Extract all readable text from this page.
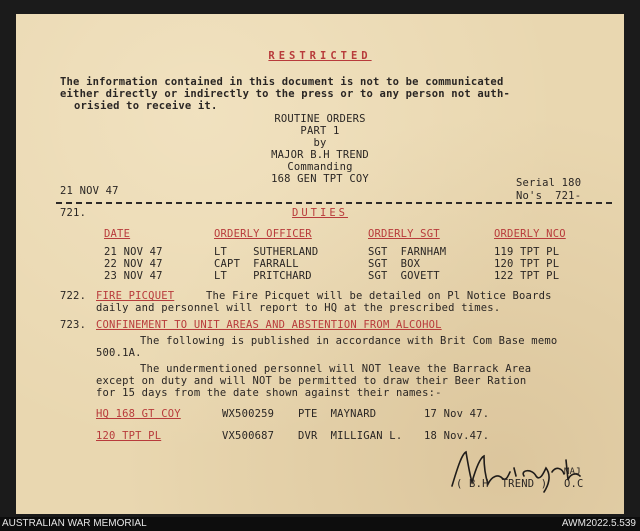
RESTRICTED
The information contained in this document is not to be communicated
either directly or indirectly to the press or to any person not auth-
orisied to receive it.
ROUTINE ORDERS
PART 1
by
MAJOR B.H TREND
Commanding
168 GEN TPT COY
21 NOV 47
Serial 180
No's  721-
721.	DUTIES
DATE	ORDERLY OFFICER	ORDERLY SGT	ORDERLY NCO
21 NOV 47	LT    SUTHERLAND	SGT  FARNHAM	119 TPT PL
22 NOV 47	CAPT  FARRALL	SGT  BOX	120 TPT PL
23 NOV 47	LT    PRITCHARD	SGT  GOVETT	122 TPT PL
722. FIRE PICQUET	The Fire Picquet will be detailed on Pl Notice Boards
daily and personnel will report to HQ at the prescribed times.
723. CONFINEMENT TO UNIT AREAS AND ABSTENTION FROM ALCOHOL
The following is published in accordance with Brit Com Base memo
500.1A.
The undermentioned personnel will NOT leave the Barrack Area
except on duty and will NOT be permitted to draw their Beer Ration
for 15 days from the date shown against their names:-
HQ 168 GT COY	WX500259 PTE  MAYNARD	17 Nov 47.
120 TPT PL	VX500687 DVR  MILLIGAN L. 18 Nov.47.
MAJ
( B.H  TREND ) O.C
AUSTRALIAN WAR MEMORIAL	AWM2022.5.539
